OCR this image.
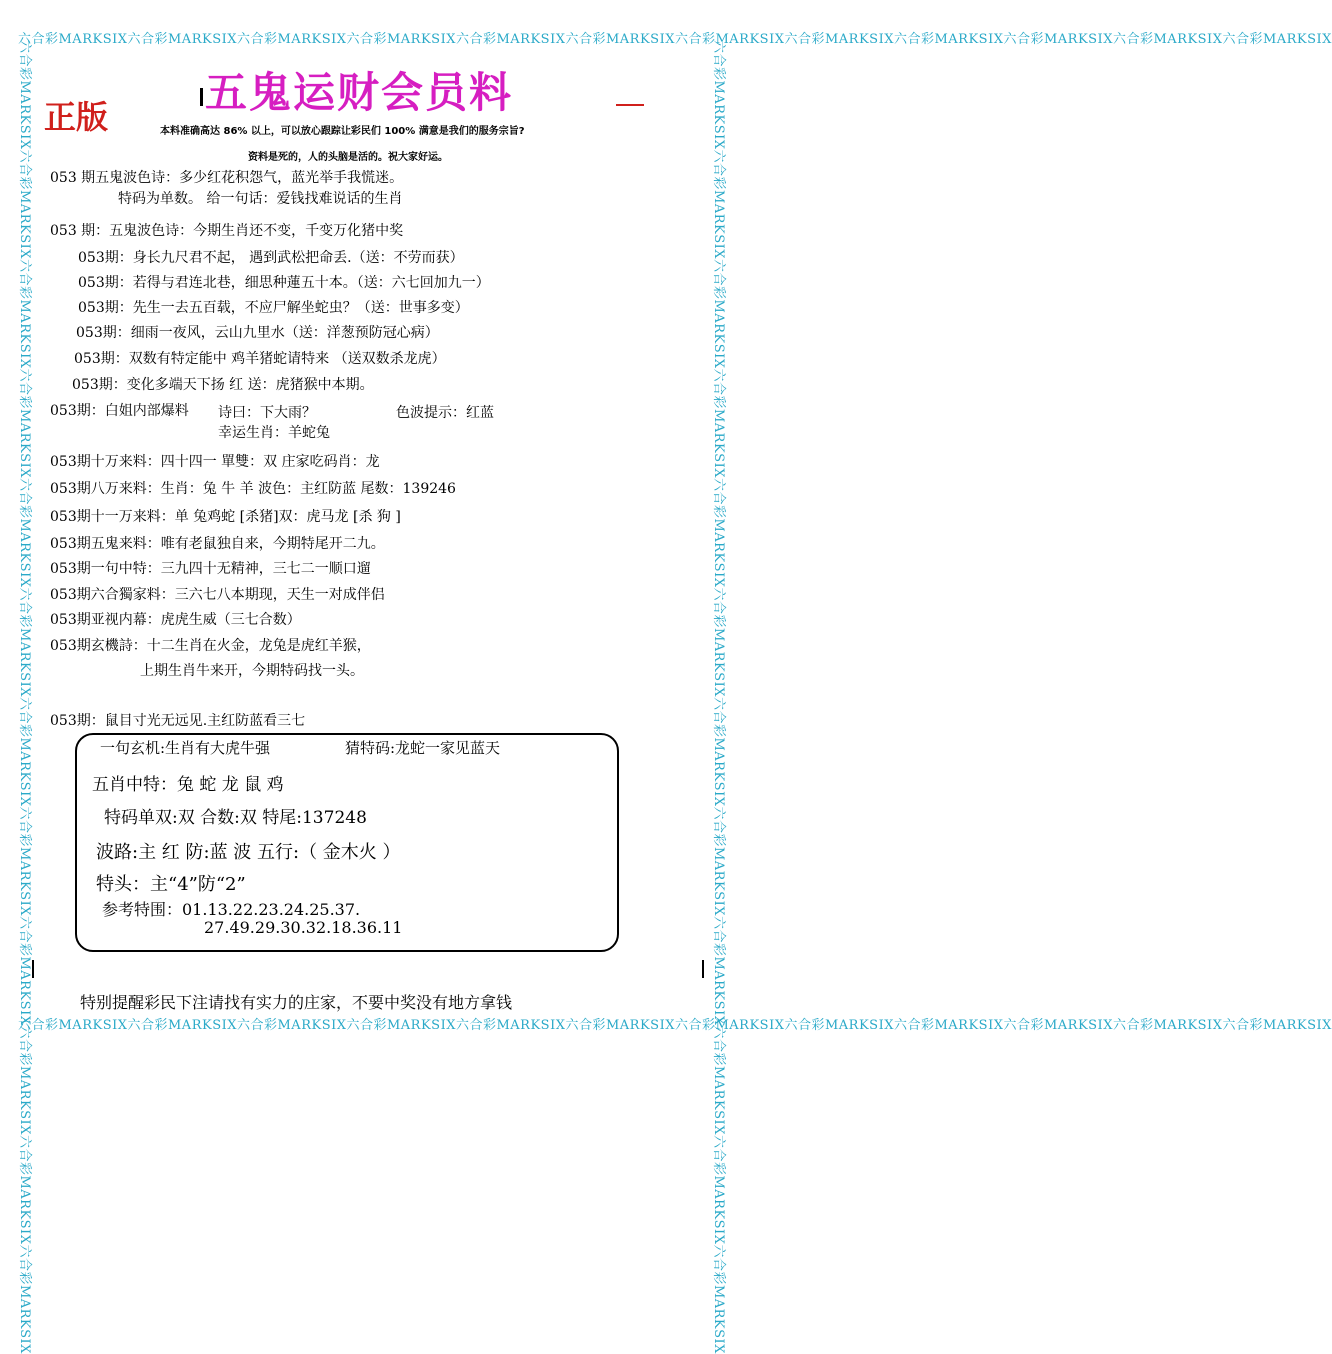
六合彩MARKSIX六合彩MARKSIX六合彩MARKSIX六合彩MARKSIX六合彩MARKSIX六合彩MARKSIX六合彩MARKSIX六合彩MARKSIX六合彩MARKSIX六合彩MARKSIX六合彩MARKSIX六合彩MARKSIX
六合彩MARKSIX六合彩MARKSIX六合彩MARKSIX六合彩MARKSIX六合彩MARKSIX六合彩MARKSIX六合彩MARKSIX六合彩MARKSIX六合彩MARKSIX六合彩MARKSIX六合彩MARKSIX六合彩MARKSIX
六合彩MARKSIX六合彩MARKSIX六合彩MARKSIX六合彩MARKSIX六合彩MARKSIX六合彩MARKSIX六合彩MARKSIX六合彩MARKSIX六合彩MARKSIX六合彩MARKSIX六合彩MARKSIX六合彩MARKSIX	六合彩MARKSIX六合彩MARKSIX六合彩MARKSIX六合彩MARKSIX六合彩MARKSIX六合彩MARKSIX六合彩MARKSIX六合彩MARKSIX六合彩MARKSIX六合彩MARKSIX六合彩MARKSIX六合彩MARKSIX
五鬼运财会员料
正版	本料准确高达 86% 以上，可以放心跟踪让彩民们 100% 满意是我们的服务宗旨?
资料是死的，人的头脑是活的。祝大家好运。
053 期五鬼波色诗：多少红花积怨气，蓝光举手我慌迷。
特码为单数。 给一句话：爱钱找难说话的生肖
053 期：五鬼波色诗：今期生肖还不变，千变万化猪中奖
053期：身长九尺君不起， 遇到武松把命丢.（送：不劳而获）
053期：若得与君连北巷，细思种蓮五十本。（送：六七回加九一）
053期：先生一去五百载，不应尸解坐蛇虫？（送：世事多变）
053期：细雨一夜风，云山九里水（送：洋葱预防冠心病）
053期：双数有特定能中 鸡羊猪蛇请特来 （送双数杀龙虎）
053期：变化多端天下扬 红 送：虎猪猴中本期。
053期：白姐内部爆料 诗曰：下大雨？	色波提示：红蓝
幸运生肖：羊蛇兔
053期十万来料：四十四一 單雙：双 庄家吃码肖：龙
053期八万来料：生肖：兔 牛 羊 波色：主红防蓝 尾数：139246
053期十一万来料：单 兔鸡蛇 [杀猪]双：虎马龙 [杀 狗 ]
053期五鬼来料：唯有老鼠独自来，今期特尾开二九。
053期一句中特：三九四十无精神，三七二一顺口遛
053期六合獨家料：三六七八本期现，天生一对成伴侣
053期亚视内幕：虎虎生威（三七合数）
053期玄機詩：十二生肖在火金，龙兔是虎红羊猴，
上期生肖牛来开，今期特码找一头。
053期：鼠目寸光无远见.主红防蓝看三七
一句玄机:生肖有大虎牛强	猜特码:龙蛇一家见蓝天
五肖中特：兔 蛇 龙 鼠 鸡
特码单双:双 合数:双 特尾:137248
波路:主 红 防:蓝 波 五行:（ 金木火 ）
特头：主“4”防“2”
参考特围：01.13.22.23.24.25.37.
27.49.29.30.32.18.36.11
特别提醒彩民下注请找有实力的庄家，不要中奖没有地方拿钱
